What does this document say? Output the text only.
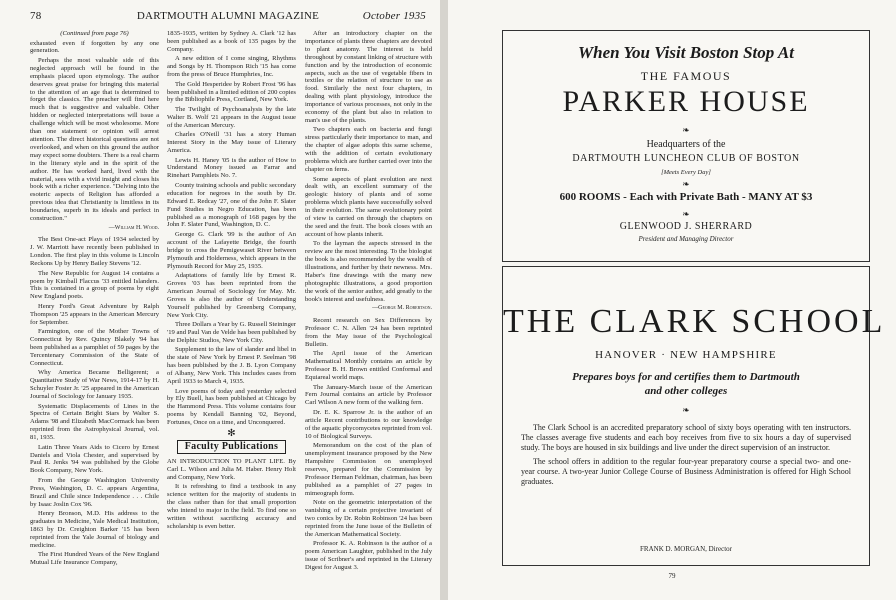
78	DARTMOUTH ALUMNI MAGAZINE	October 1935

(Continued from page 76)

exhausted even if forgotten by any one generation.

Perhaps the most valuable side of this neglected approach will be found in the emphasis placed upon etymology. The author deserves great praise for bringing this material to the attention of an age that is determined to forget the classics. The preacher will find here much that is suggestive and valuable. Other hidden or neglected interpretations will issue a challenge which will be most wholesome. More than one statement or opinion will arrest attention. The direct historical questions are not overlooked, and when on this ground the author may expect some doubters. There is a real charm in the literary style and in the spirit of the author. He has worked hard, lived with the material, sees with a vivid insight and closes his book with a richer experience. "Delving into the esoteric aspects of Religion has afforded a previous idea that Christianity is limitless in its boundaries, superb in its ideals and perfect in construction."

—William H. Wood.

The Best One-act Plays of 1934 selected by J. W. Marriott have recently been published in London. The first play in this volume is Lincoln Reckons Up by Henry Bailey Stevens '12.

The New Republic for August 14 contains a poem by Kimball Flaccus '33 entitled Islanders. This is contained in a group of poems by eight New England poets.

Henry Ford's Great Adventure by Ralph Thompson '25 appears in the American Mercury for September.

Farmington, one of the Mother Towns of Connecticut by Rev. Quincy Blakely '94 has been published as a pamphlet of 59 pages by the Tercentenary Commission of the State of Connecticut.

Why America Became Belligerent; a Quantitative Study of War News, 1914-17 by H. Schuyler Foster Jr. '25 appeared in the American Journal of Sociology for January 1935.

Systematic Displacements of Lines in the Spectra of Certain Bright Stars by Walter S. Adams '98 and Elizabeth MacCormack has been reprinted from the Astrophysical Journal, vol. 81, 1935.

Latin Three Years Aids to Cicero by Ernest Daniels and Viola Chester, and supervised by Paul R. Jenks '94 was published by the Globe Book Company, New York.

From the George Washington University Press, Washington, D. C. appears Argentina, Brazil and Chile since Independence . . . Chile by Isaac Joslin Cox '96.

Henry Bronson, M.D. His address to the graduates in Medicine, Yale Medical Institution, 1863 by Dr. Creighton Barker '15 has been reprinted from the Yale Journal of biology and medicine.

The First Hundred Years of the New England Mutual Life Insurance Company,

1835-1935, written by Sydney A. Clark '12 has been published as a book of 135 pages by the Company.

A new edition of I come singing, Rhythms and Songs by H. Thompson Rich '15 has come from the press of Bruce Humphries, Inc.

The Gold Hesperidee by Robert Frost '96 has been published in a limited edition of 200 copies by the Bibliophile Press, Cortland, New York.

The Twilight of Psychoanalysis by the late Walter B. Wolf '21 appears in the August issue of the American Mercury.

Charles O'Neill '31 has a story Human Interest Story in the May issue of Literary America.

Lewis H. Haney '05 is the author of How to Understand Money issued as Farrar and Rinehart Pamphlets No. 7.

County training schools and public secondary education for negroes in the south by Dr. Edward E. Redcay '27, one of the John F. Slater Fund Studies in Negro Education, has been published as a monograph of 168 pages by the John F. Slater Fund, Washington, D. C.

George G. Clark '99 is the author of An account of the Lafayette Bridge, the fourth bridge to cross the Pemigewaset River between Plymouth and Holderness, which appears in the Plymouth Record for May 25, 1935.

Adaptations of family life by Ernest R. Groves '03 has been reprinted from the American Journal of Sociology for May. Mr. Groves is also the author of Understanding Yourself published by Greenberg Company, New York City.

Three Dollars a Year by G. Russell Steininger '19 and Paul Van de Velde has been published by the Delphic Studios, New York City.

Supplement to the law of slander and libel in the state of New York by Ernest P. Seelman '98 has been published by the J. B. Lyon Company of Albany, New York. This includes cases from April 1933 to March 4, 1935.

Love poems of today and yesterday selected by Ely Buell, has been published at Chicago by the Hammond Press. This volume contains four poems by Kendall Banning '02, Beyond, Fortunes, Once on a time, and Unconquered.

✻
Faculty Publications

AN INTRODUCTION TO PLANT LIFE. By Carl L. Wilson and Julia M. Haber. Henry Holt and Company, New York.

It is refreshing to find a textbook in any science written for the majority of students in the class rather than for that small proportion who intend to major in the field. To find one so written without sacrificing accuracy and scholarship is even better.

After an introductory chapter on the importance of plants three chapters are devoted to plant anatomy. The interest is held throughout by constant linking of structure with function and by the introduction of economic aspects, such as the use of vegetable fibers in textiles or the relation of structure to use as food. Similarly the next four chapters, in dealing with plant physiology, introduce the importance of various processes, not only in the economy of the plant but also in relation to man's use of the plants.

Two chapters each on bacteria and fungi stress particularly their importance to man, and the chapter of algae adopts this same scheme, with the addition of certain evolutionary problems which are further carried over into the chapter on ferns.

Some aspects of plant evolution are next dealt with, an excellent summary of the geologic history of plants and of some problems which plants have successfully solved in their evolution. The same evolutionary point of view is carried on through the chapters on the seed and the fruit. The book closes with an account of how plants inherit.

To the layman the aspects stressed in the review are the most interesting. To the biologist the book is also recommended by the wealth of illustrations, and further by their newness. Mrs. Haber's fine drawings with the many new photographic illustrations, a good proportion the work of the senior author, add greatly to the book's interest and usefulness.

—George M. Robertson.

Recent research on Sex Differences by Professor C. N. Allen '24 has been reprinted from the May issue of the Psychological Bulletin.

The April issue of the American Mathematical Monthly contains an article by Professor B. H. Brown entitled Conformal and Equiareal world maps.

The January-March issue of the American Fern Journal contains an article by Professor Carl Wilson A new form of the walking fern.

Dr. E. K. Sparrow Jr. is the author of an article Recent contributions to our knowledge of the aquatic phycomycetes reprinted from vol. 10 of Biological Surveys.

Memorandum on the cost of the plan of unemployment insurance proposed by the New Hampshire Commission on unemployed reserves, prepared for the Commission by Professor Herman Feldman, chairman, has been published as a pamphlet of 27 pages in mimeograph form.

Note on the geometric interpretation of the vanishing of a certain projective invariant of two conics by Dr. Robin Robinson '24 has been reprinted from the June issue of the Bulletin of the American Mathematical Society.

Professor K. A. Robinson is the author of a poem American Laughter, published in the July issue of Scribner's and reprinted in the Literary Digest for August 3.

When You Visit Boston Stop At
THE FAMOUS
PARKER HOUSE
❧
Headquarters of the
DARTMOUTH LUNCHEON CLUB OF BOSTON
[Meets Every Day]
❧
600 ROOMS - Each with Private Bath - MANY AT $3
❧
GLENWOOD J. SHERRARD
President and Managing Director
THE CLARK SCHOOL
HANOVER · NEW HAMPSHIRE
Prepares boys for and certifies them to Dartmouth
and other colleges
❧

The Clark School is an accredited preparatory school of sixty boys operating with ten instructors. The classes average five students and each boy receives from five to six hours a day of supervised study. The boys are housed in six buildings and live under the direct supervision of an instructor.

The school offers in addition to the regular four-year preparatory course a special two- and one-year course. A two-year Junior College Course of Business Administration is offered for High School graduates.

FRANK D. MORGAN, Director
79
